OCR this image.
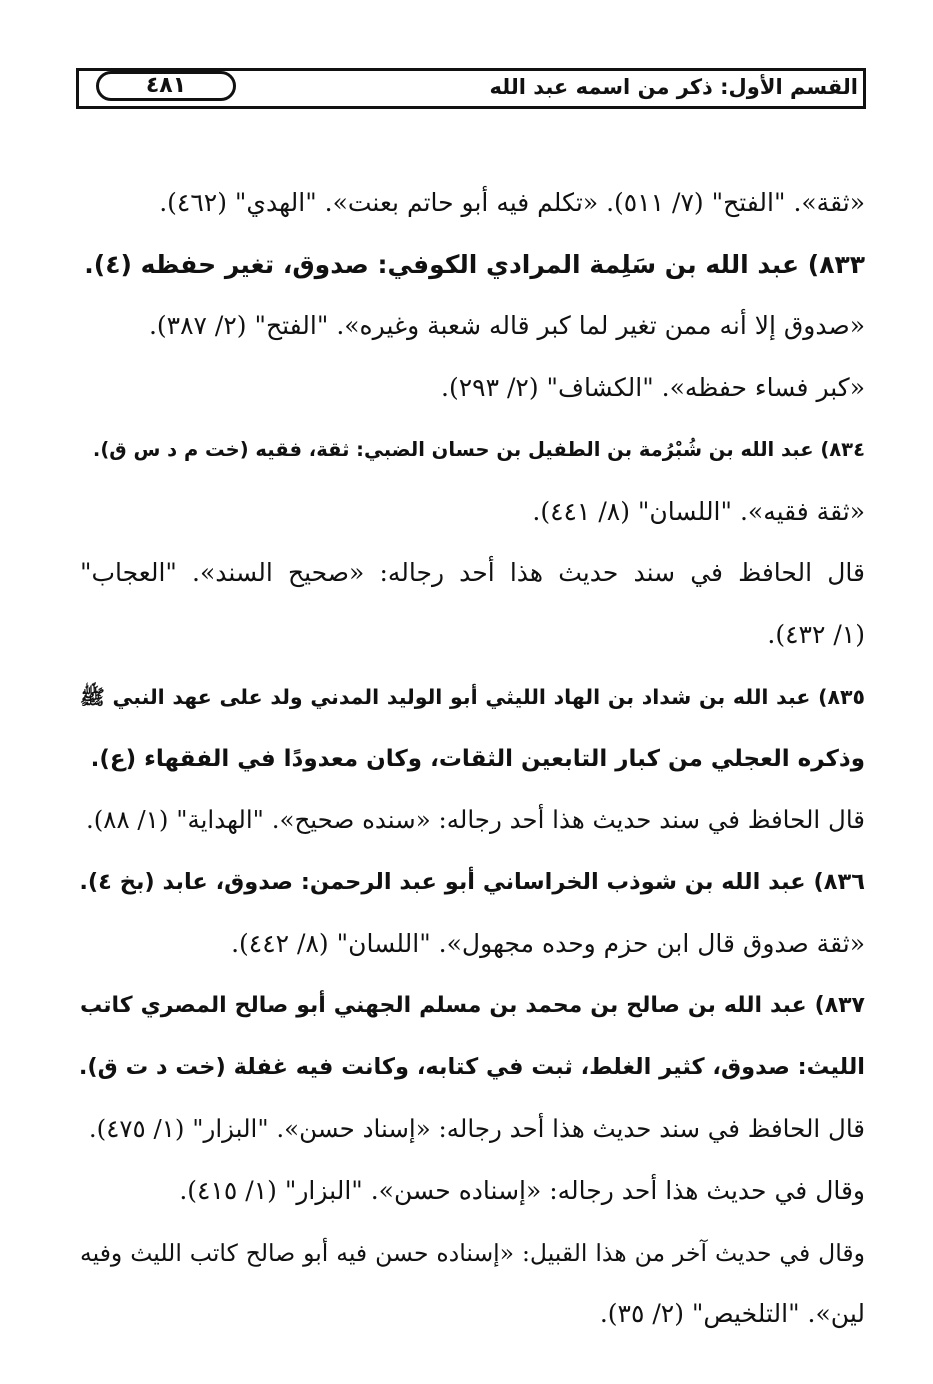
٤٨١	القسم الأول: ذكر من اسمه عبد الله
«ثقة». "الفتح" (٧/ ٥١١). «تكلم فيه أبو حاتم بعنت». "الهدي" (٤٦٢).
٨٣٣) عبد الله بن سَلِمة المرادي الكوفي: صدوق، تغير حفظه (٤).
«صدوق إلا أنه ممن تغير لما كبر قاله شعبة وغيره». "الفتح" (٢/ ٣٨٧).
«كبر فساء حفظه». "الكشاف" (٢/ ٢٩٣).
٨٣٤) عبد الله بن شُبْرُمة بن الطفيل بن حسان الضبي: ثقة، فقيه (خت م د س ق).
«ثقة فقيه». "اللسان" (٨/ ٤٤١).
قال الحافظ في سند حديث هذا أحد رجاله: «صحيح السند». "العجاب"
(١/ ٤٣٢).
٨٣٥) عبد الله بن شداد بن الهاد الليثي أبو الوليد المدني ولد على عهد النبي ﷺ
وذكره العجلي من كبار التابعين الثقات، وكان معدودًا في الفقهاء (ع).
قال الحافظ في سند حديث هذا أحد رجاله: «سنده صحيح». "الهداية" (١/ ٨٨).
٨٣٦) عبد الله بن شوذب الخراساني أبو عبد الرحمن: صدوق، عابد (بخ ٤).
«ثقة صدوق قال ابن حزم وحده مجهول». "اللسان" (٨/ ٤٤٢).
٨٣٧) عبد الله بن صالح بن محمد بن مسلم الجهني أبو صالح المصري كاتب
الليث: صدوق، كثير الغلط، ثبت في كتابه، وكانت فيه غفلة (خت د ت ق).
قال الحافظ في سند حديث هذا أحد رجاله: «إسناد حسن». "البزار" (١/ ٤٧٥).
وقال في حديث هذا أحد رجاله: «إسناده حسن». "البزار" (١/ ٤١٥).
وقال في حديث آخر من هذا القبيل: «إسناده حسن فيه أبو صالح كاتب الليث وفيه
لين». "التلخيص" (٢/ ٣٥).
